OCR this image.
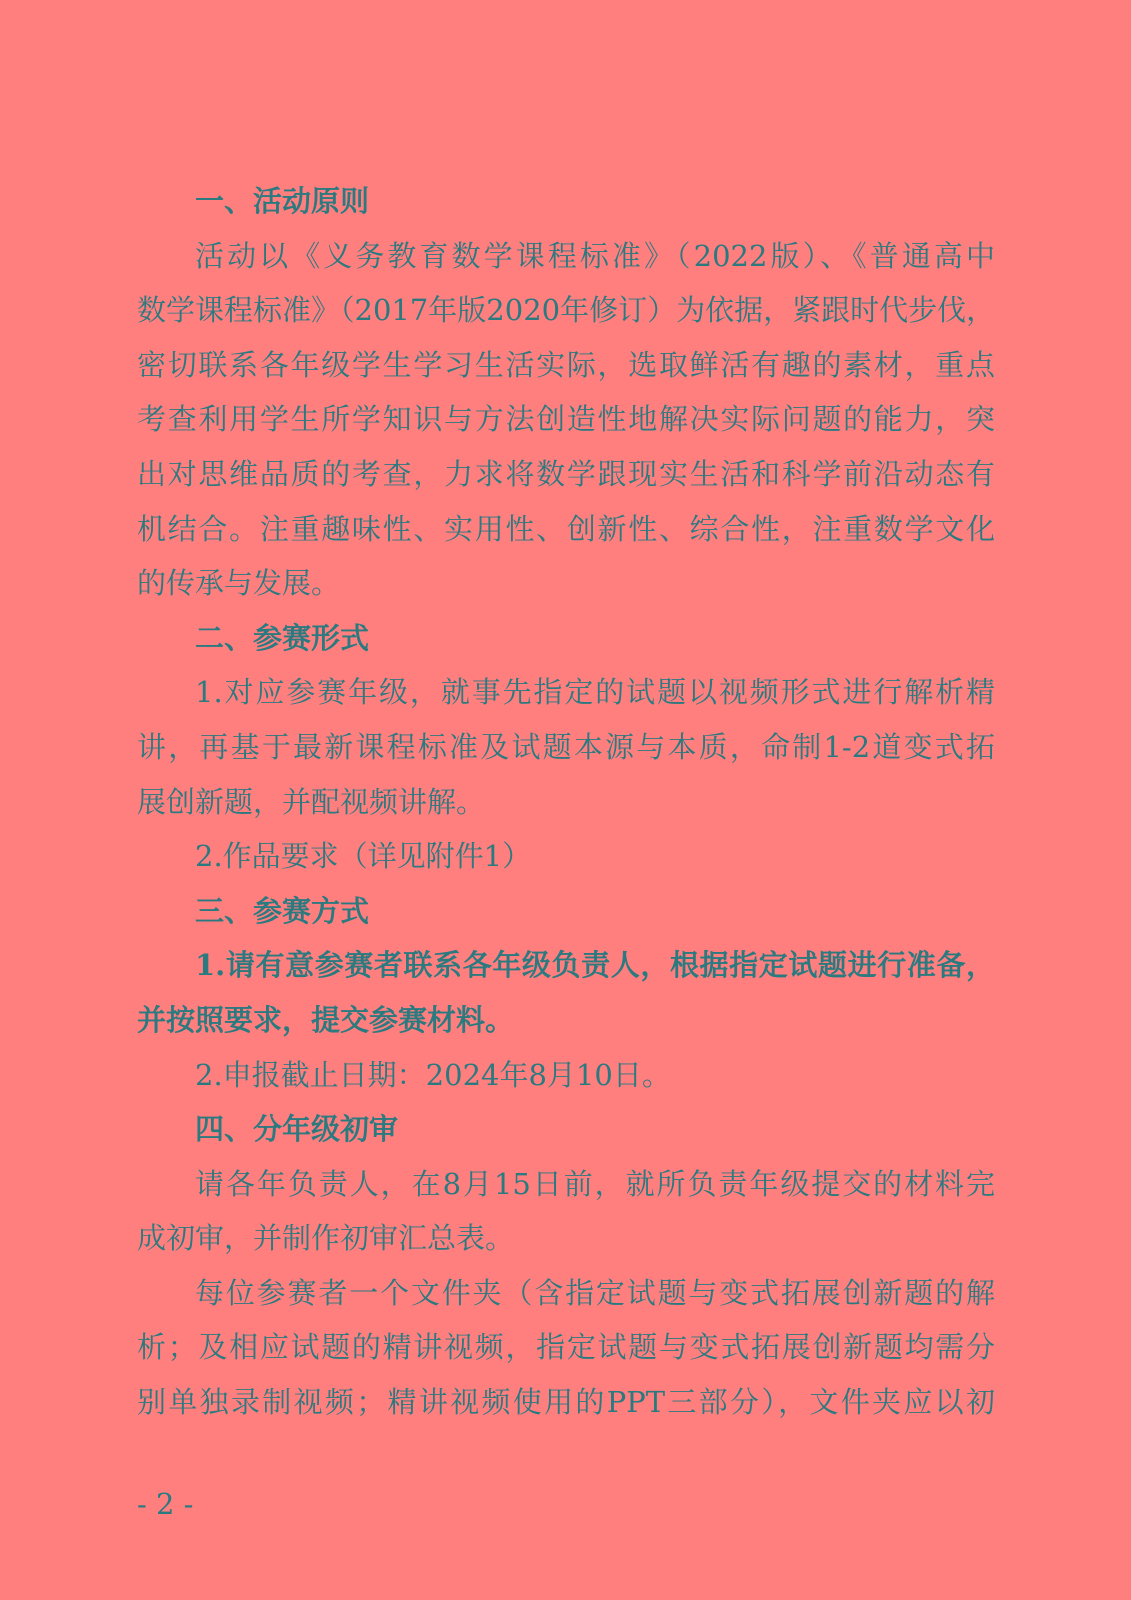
一、活动原则
活动以《义务教育数学课程标准》（2022版）、《普通高中
数学课程标准》（2017年版2020年修订）为依据，紧跟时代步伐，
密切联系各年级学生学习生活实际，选取鲜活有趣的素材，重点
考查利用学生所学知识与方法创造性地解决实际问题的能力，突
出对思维品质的考查，力求将数学跟现实生活和科学前沿动态有
机结合。注重趣味性、实用性、创新性、综合性，注重数学文化
的传承与发展。
二、参赛形式
1.对应参赛年级，就事先指定的试题以视频形式进行解析精
讲，再基于最新课程标准及试题本源与本质，命制1-2道变式拓
展创新题，并配视频讲解。
2.作品要求（详见附件1）
三、参赛方式
1.请有意参赛者联系各年级负责人，根据指定试题进行准备，
并按照要求，提交参赛材料。
2.申报截止日期：2024年8月10日。
四、分年级初审
请各年负责人，在8月15日前，就所负责年级提交的材料完
成初审，并制作初审汇总表。
每位参赛者一个文件夹（含指定试题与变式拓展创新题的解
析；及相应试题的精讲视频，指定试题与变式拓展创新题均需分
别单独录制视频；精讲视频使用的PPT三部分），文件夹应以初
- 2 -
